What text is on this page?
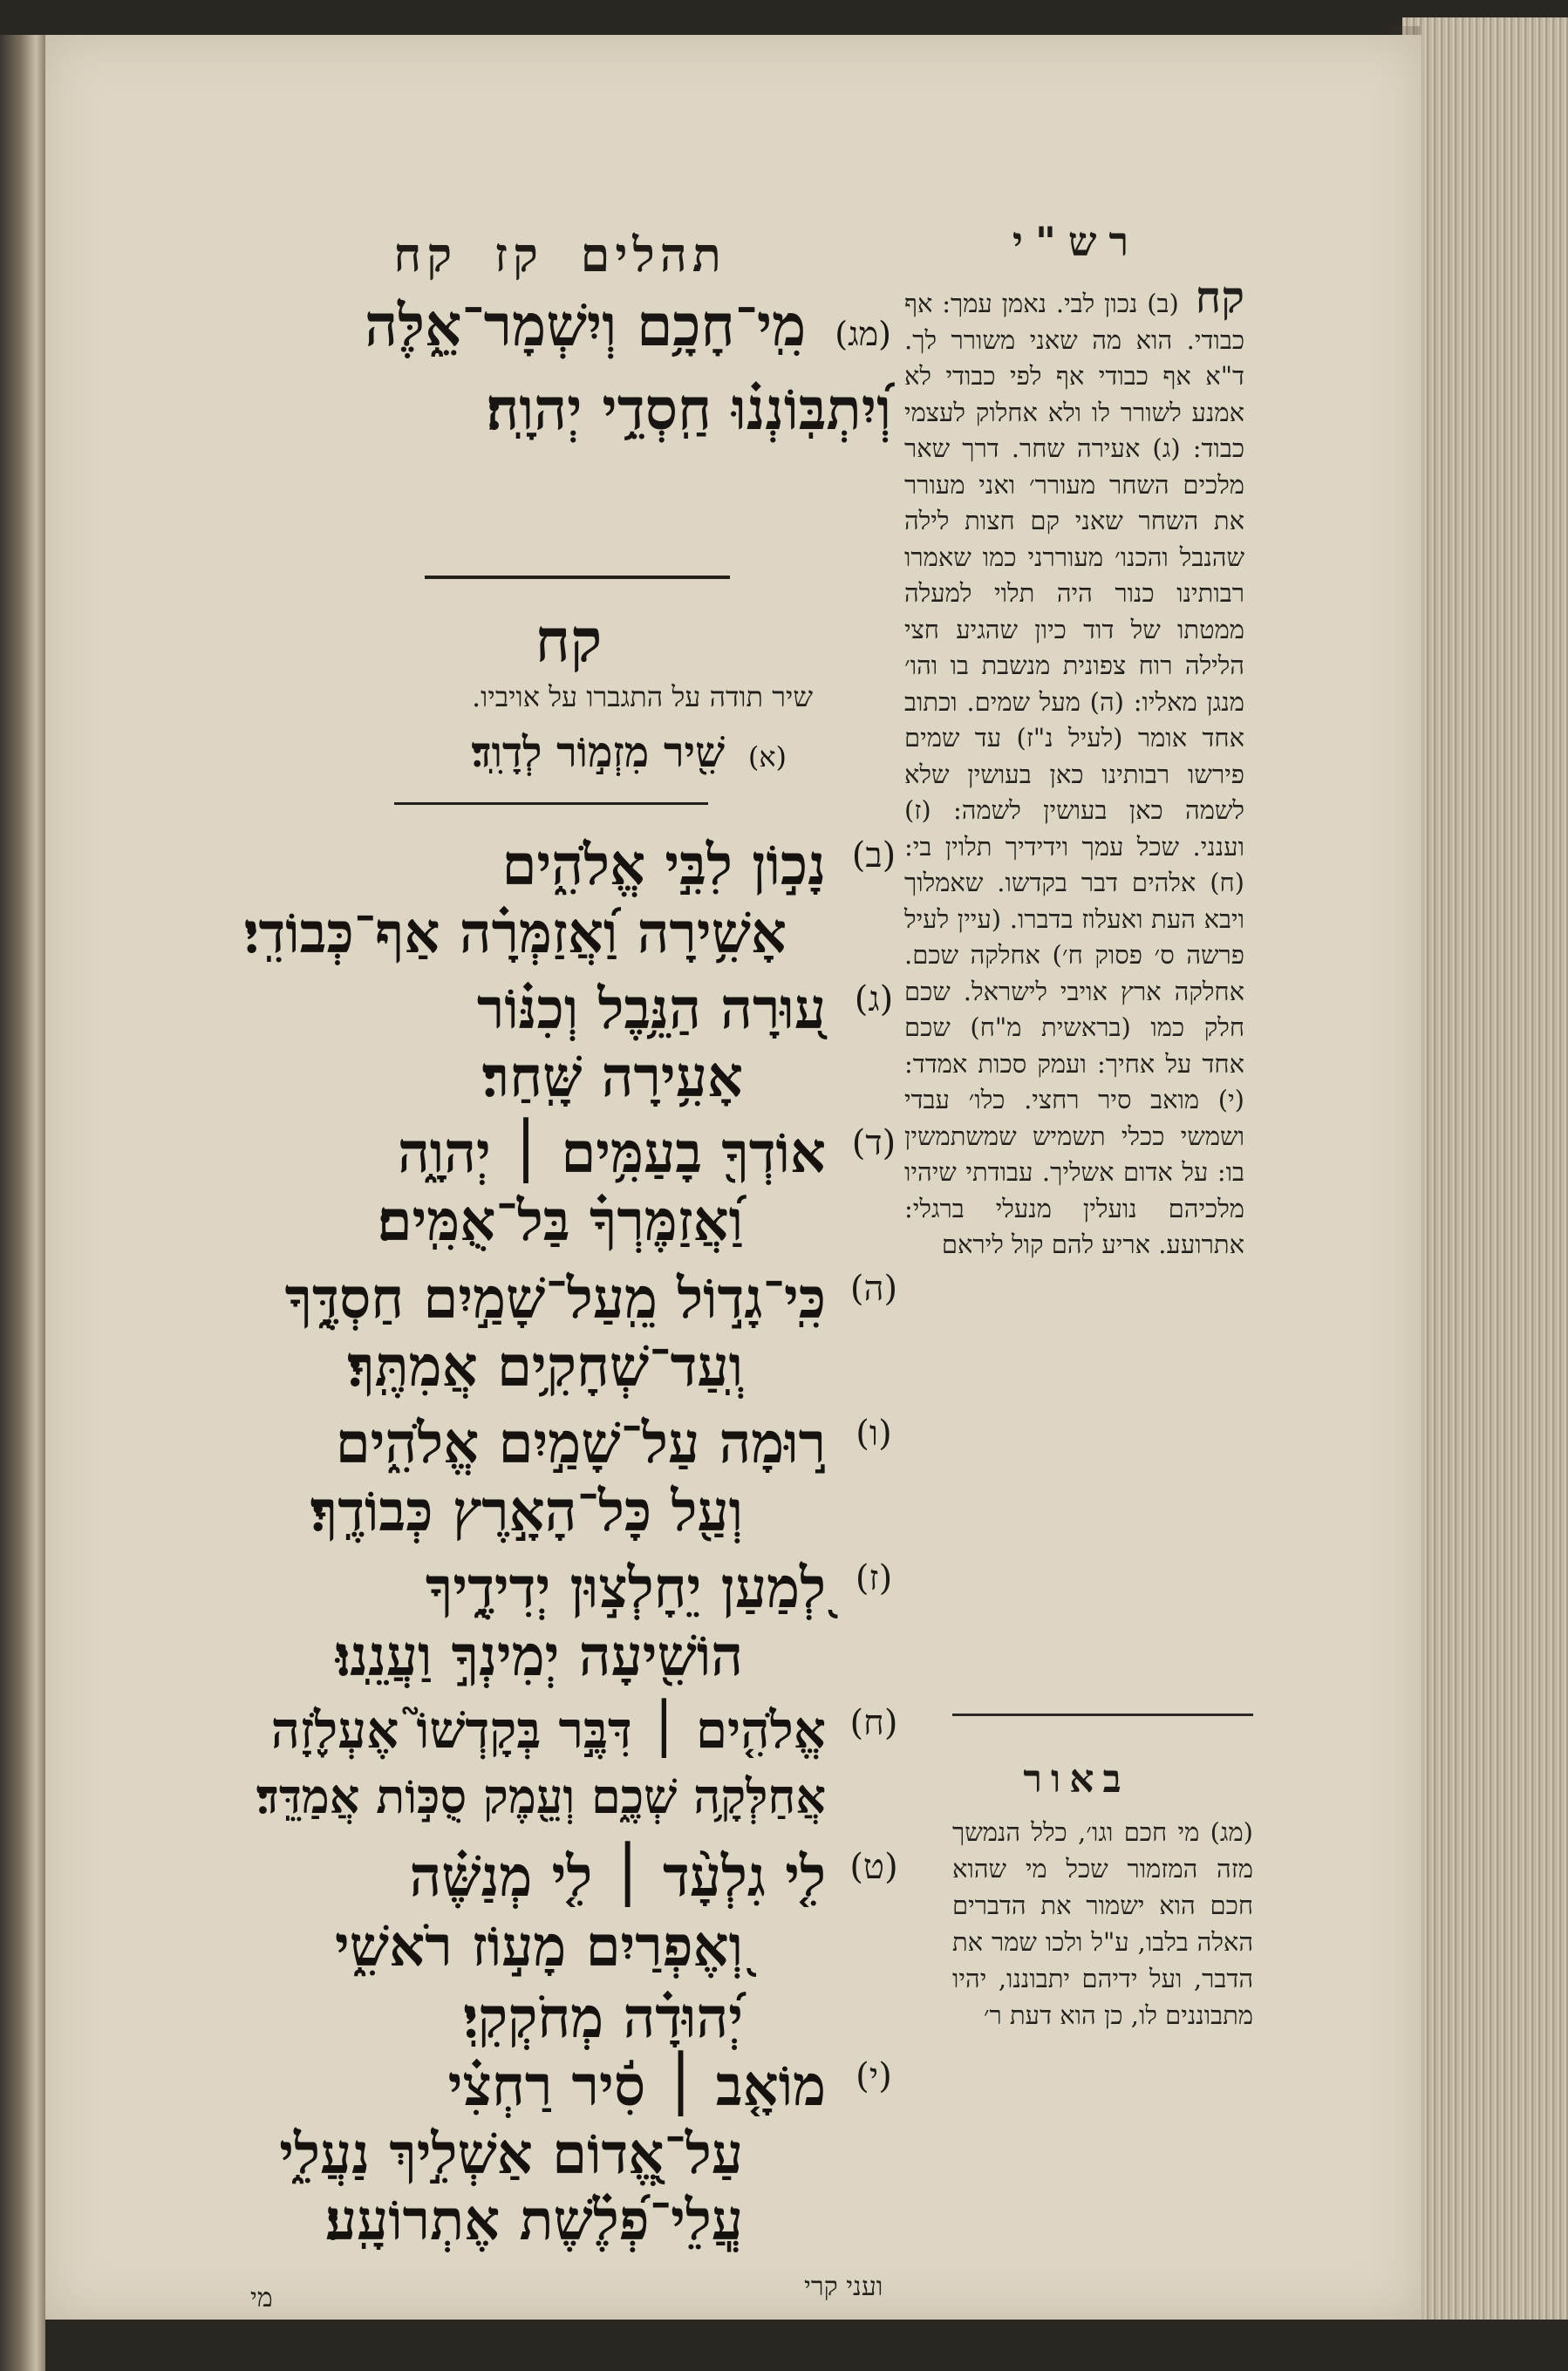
רש"י
קח (ב) נכון לבי. נאמן עמך: אף כבודי. הוא מה שאני משורר לך. ד"א אף כבודי אף לפי כבודי לא אמנע לשורר לו ולא אחלוק לעצמי כבוד: (ג) אעירה שחר. דרך שאר מלכים השחר מעורר׳ ואני מעורר את השחר שאני קם חצות לילה שהנבל והכנו׳ מעוררני כמו שאמרו רבותינו כנור היה תלוי למעלה ממטתו של דוד כיון שהגיע חצי הלילה רוח צפונית מנשבת בו והו׳ מנגן מאליו: (ה) מעל שמים. וכתוב אחד אומר (לעיל נ"ז) עד שמים פירשו רבותינו כאן בעושין שלא לשמה כאן בעושין לשמה: (ז) וענני. שכל עמך וידידיך תלוין בי: (ח) אלהים דבר בקדשו. שאמלוך ויבא העת ואעלוז בדברו. (עיין לעיל פרשה ס׳ פסוק ח׳) אחלקה שכם. אחלקה ארץ אויבי לישראל. שכם חלק כמו (בראשית מ"ח) שכם אחד על אחיך: ועמק סכות אמדד:(י) מואב סיר רחצי. כלו׳ עבדי ושמשי ככלי תשמיש שמשתמשין בו: על אדום אשליך. עבודתי שיהיו מלכיהם נועלין מנעלי ברגלי: אתרועע. אריע להם קול ליראם
באור
(מג) מי חכם וגו׳, כלל הנמשך מזה המזמור שכל מי שהוא חכם הוא ישמור את הדברים האלה בלבו, ע"ל ולכו שמר את הדבר, ועל ידיהם יתבוננו, יהיו מתבוננים לו, כן הוא דעת ר׳
תהלים קז קח
(מג) מִֽי־חָכָ֥ם וְיִשְׁמָר־אֵ֑לֶּה
וְ֝יִתְבּֽוֹנְנ֗וּ חַֽסְדֵ֥י יְהוָֽה׃
קח
שיר תודה על התגברו על אויביו.
(א) שִׁ֖יר מִזְמ֣וֹר לְדָוִֽד׃
(ב)
נָכ֣וֹן לִבִּ֣י אֱלֹהִ֑ים
אָשִׁ֥ירָה וַ֝אֲזַמְּרָ֗ה אַף־כְּבוֹדִֽי׃
(ג)
ע֭וּרָה הַנֵּ֥בֶל וְכִנּ֗וֹר
אָעִ֥ירָה שָּֽׁחַר׃
(ד)
אוֹדְךָ֖ בָעַמִּ֥ים ׀ יְהוָ֑ה
וַ֝אֲזַמֶּרְךָ֗ בַּל־אֻמִּֽים׃
(ה)
כִּֽי־גָד֣וֹל מֵֽעַל־שָׁמַ֣יִם חַסְדֶּ֑ךָ
וְֽעַד־שְׁחָקִ֥ים אֲמִתֶּֽךָ׃
(ו)
ר֣וּמָה עַל־שָׁמַ֣יִם אֱלֹהִ֑ים
וְעַ֖ל כָּל־הָאָ֣רֶץ כְּבוֹדֶֽךָ׃
(ז)
לְ֭מַעַן יֵחָלְצ֣וּן יְדִידֶ֑יךָ
הוֹשִׁ֖יעָה יְמִינְךָ֣ וַעֲנֵֽנוּ׃
(ח)
אֱלֹהִ֤ים ׀ דִּבֶּ֣ר בְּקָדְשׁוֹ֮ אֶעְלֹ֪זָה
אֲחַלְּקָ֥ה שְׁכֶ֑ם וְעֵ֖מֶק סֻכּ֣וֹת אֲמַדֵּֽד׃
(ט)
לִ֤י גִלְעָ֨ד ׀ לִ֤י מְנַשֶּׁ֗ה
וְ֭אֶפְרַיִם מָע֣וֹז רֹאשִׁ֑י
יְ֝הוּדָ֗ה מְחֹקְקִֽי׃
(י)
מוֹאָ֤ב ׀ סִ֬יר רַחְצִ֗י
עַל־אֱ֭דוֹם אַשְׁלִ֣יךְ נַעֲלִ֑י
עֲֽלֵי־פְ֝לֶ֗שֶׁת אֶתְרוֹעָֽע׃
ועני קרי
מי
